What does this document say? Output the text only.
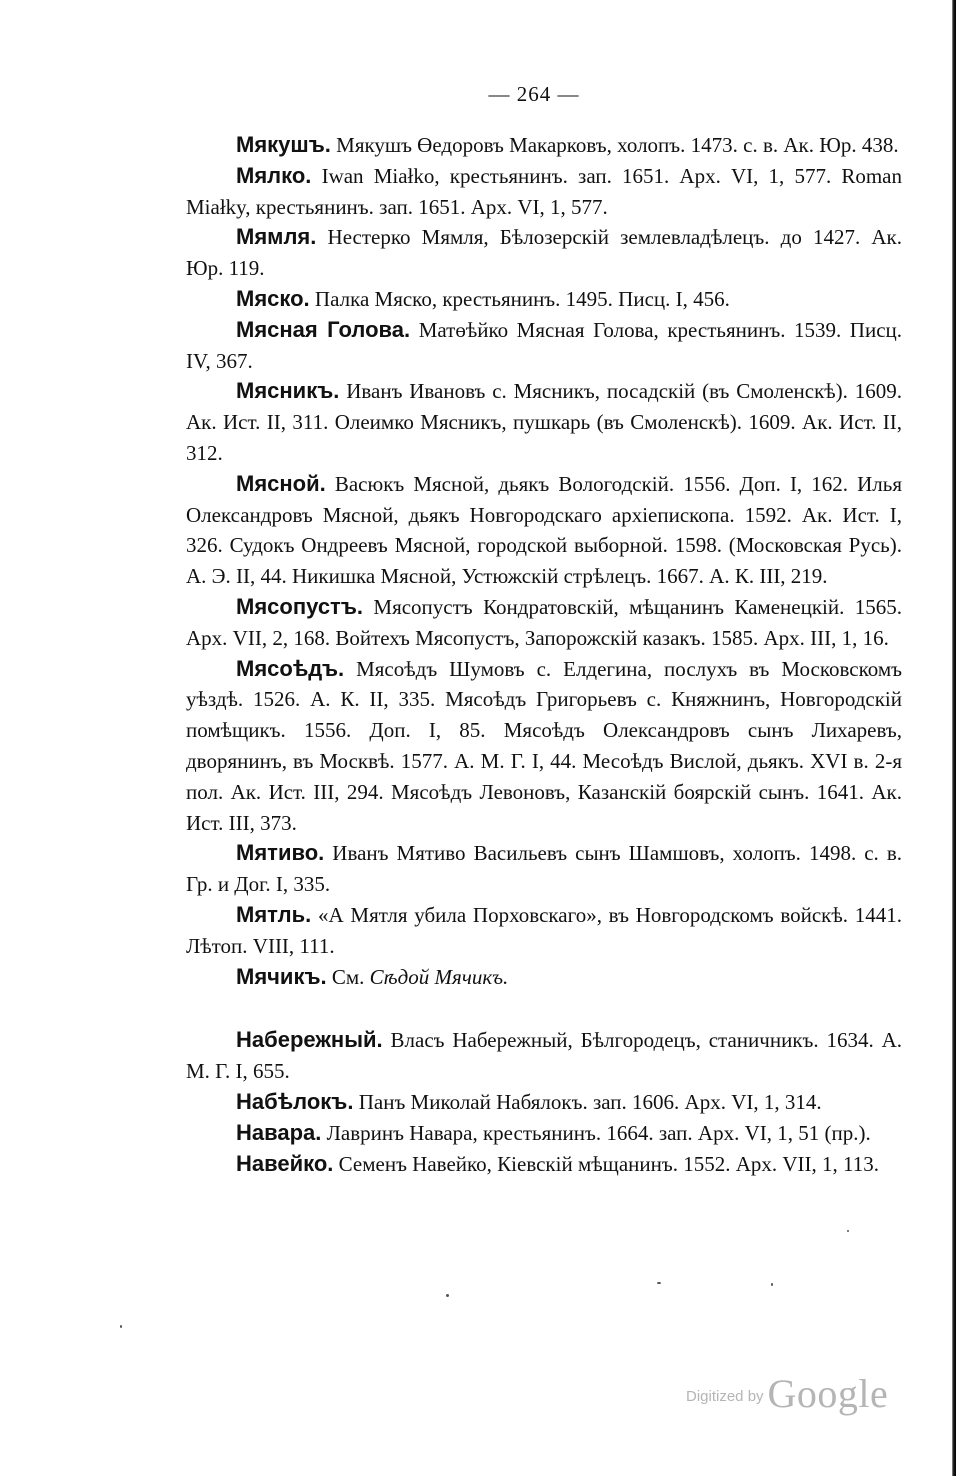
— 264 —

Мякушъ. Мякушъ Өедоровъ Макарковъ, холопъ. 1473. с. в. Ак. Юр. 438.

Мялко. Iwan Miałko, крестьянинъ. зап. 1651. Арх. VI, 1, 577. Roman Miałky, крестьянинъ. зап. 1651. Арх. VI, 1, 577.

Мямля. Нестерко Мямля, Бѣлозерскій землевладѣлецъ. до 1427. Ак. Юр. 119.

Мяско. Палка Мяско, крестьянинъ. 1495. Писц. I, 456.

Мясная Голова. Матөѣйко Мясная Голова, крестьянинъ. 1539. Писц. IV, 367.

Мясникъ. Иванъ Ивановъ с. Мясникъ, посадскій (въ Смоленскѣ). 1609. Ак. Ист. II, 311. Олеимко Мясникъ, пушкарь (въ Смоленскѣ). 1609. Ак. Ист. II, 312.

Мясной. Васюкъ Мясной, дьякъ Вологодскій. 1556. Доп. I, 162. Илья Олександровъ Мясной, дьякъ Новгородскаго архіепископа. 1592. Ак. Ист. I, 326. Судокъ Ондреевъ Мясной, городской выборной. 1598. (Московская Русь). А. Э. II, 44. Никишка Мясной, Устюжскій стрѣлецъ. 1667. А. К. III, 219.

Мясопустъ. Мясопустъ Кондратовскій, мѣщанинъ Каменецкій. 1565. Арх. VII, 2, 168. Войтехъ Мясопустъ, Запорожскій казакъ. 1585. Арх. III, 1, 16.

Мясоѣдъ. Мясоѣдъ Шумовъ с. Елдегина, послухъ въ Московскомъ уѣздѣ. 1526. А. К. II, 335. Мясоѣдъ Григорьевъ с. Княжнинъ, Новгородскій помѣщикъ. 1556. Доп. I, 85. Мясоѣдъ Олександровъ сынъ Лихаревъ, дворянинъ, въ Москвѣ. 1577. А. М. Г. I, 44. Месоѣдъ Вислой, дьякъ. XVI в. 2-я пол. Ак. Ист. III, 294. Мясоѣдъ Левоновъ, Казанскій боярскій сынъ. 1641. Ак. Ист. III, 373.

Мятиво. Иванъ Мятиво Васильевъ сынъ Шамшовъ, холопъ. 1498. с. в. Гр. и Дог. I, 335.

Мятль. «А Мятля убила Порховскаго», въ Новгородскомъ войскѣ. 1441. Лѣтоп. VIII, 111.

Мячикъ. См. Сѣдой Мячикъ.

Набережный. Власъ Набережный, Бѣлгородецъ, станичникъ. 1634. А. М. Г. I, 655.

Набѣлокъ. Панъ Миколай Набялокъ. зап. 1606. Арх. VI, 1, 314.

Навара. Лавринъ Навара, крестьянинъ. 1664. зап. Арх. VI, 1, 51 (пр.).

Навейко. Семенъ Навейко, Кіевскій мѣщанинъ. 1552. Арх. VII, 1, 113.

Digitized by Google
